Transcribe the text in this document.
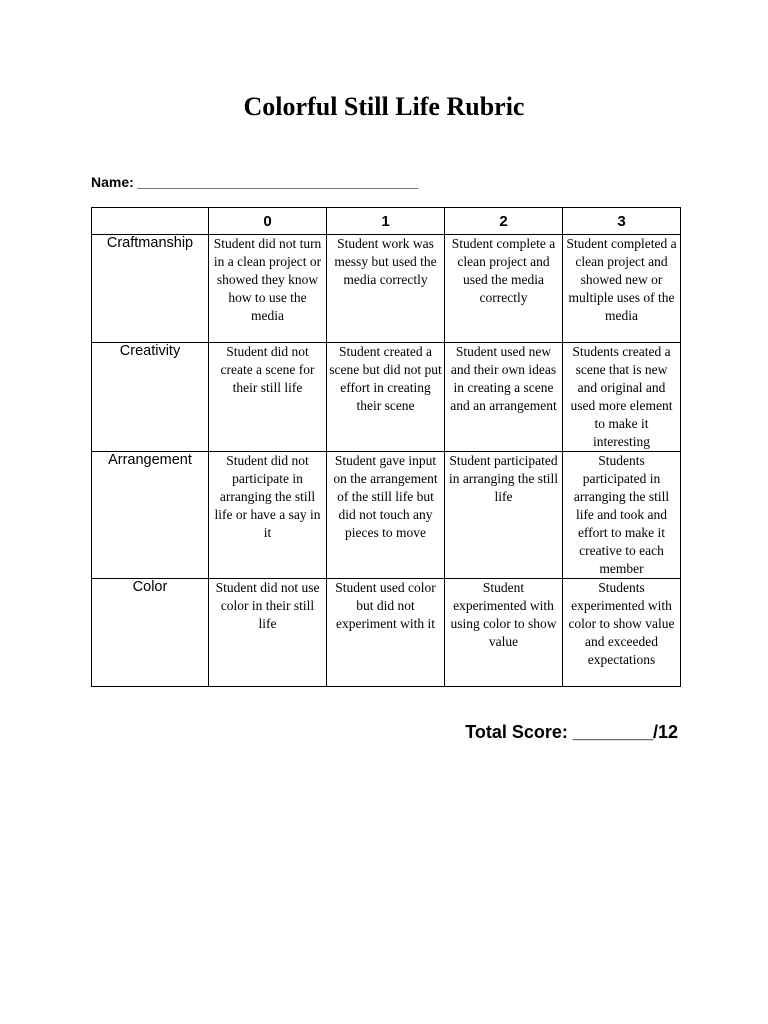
Colorful Still Life Rubric
Name: ____________________________________
	0	1	2	3
Craftmanship	Student did not turn in a clean project or showed they know how to use the media	Student work was messy but used the media correctly	Student complete a clean project and used the media correctly	Student completed a clean project and showed new or multiple uses of the media
Creativity	Student did not create a scene for their still life	Student created a scene but did not put effort in creating their scene	Student used new and their own ideas in creating a scene and an arrangement	Students created a scene that is new and original and used more element to make it interesting
Arrangement	Student did not participate in arranging the still life or have a say in it	Student gave input on the arrangement of the still life but did not touch any pieces to move	Student participated in arranging the still life	Students participated in arranging the still life and took and effort to make it creative to each member
Color	Student did not use color in their still life	Student used color but did not experiment with it	Student experimented with using color to show value	Students experimented with color to show value and exceeded expectations
Total Score: ________/12
